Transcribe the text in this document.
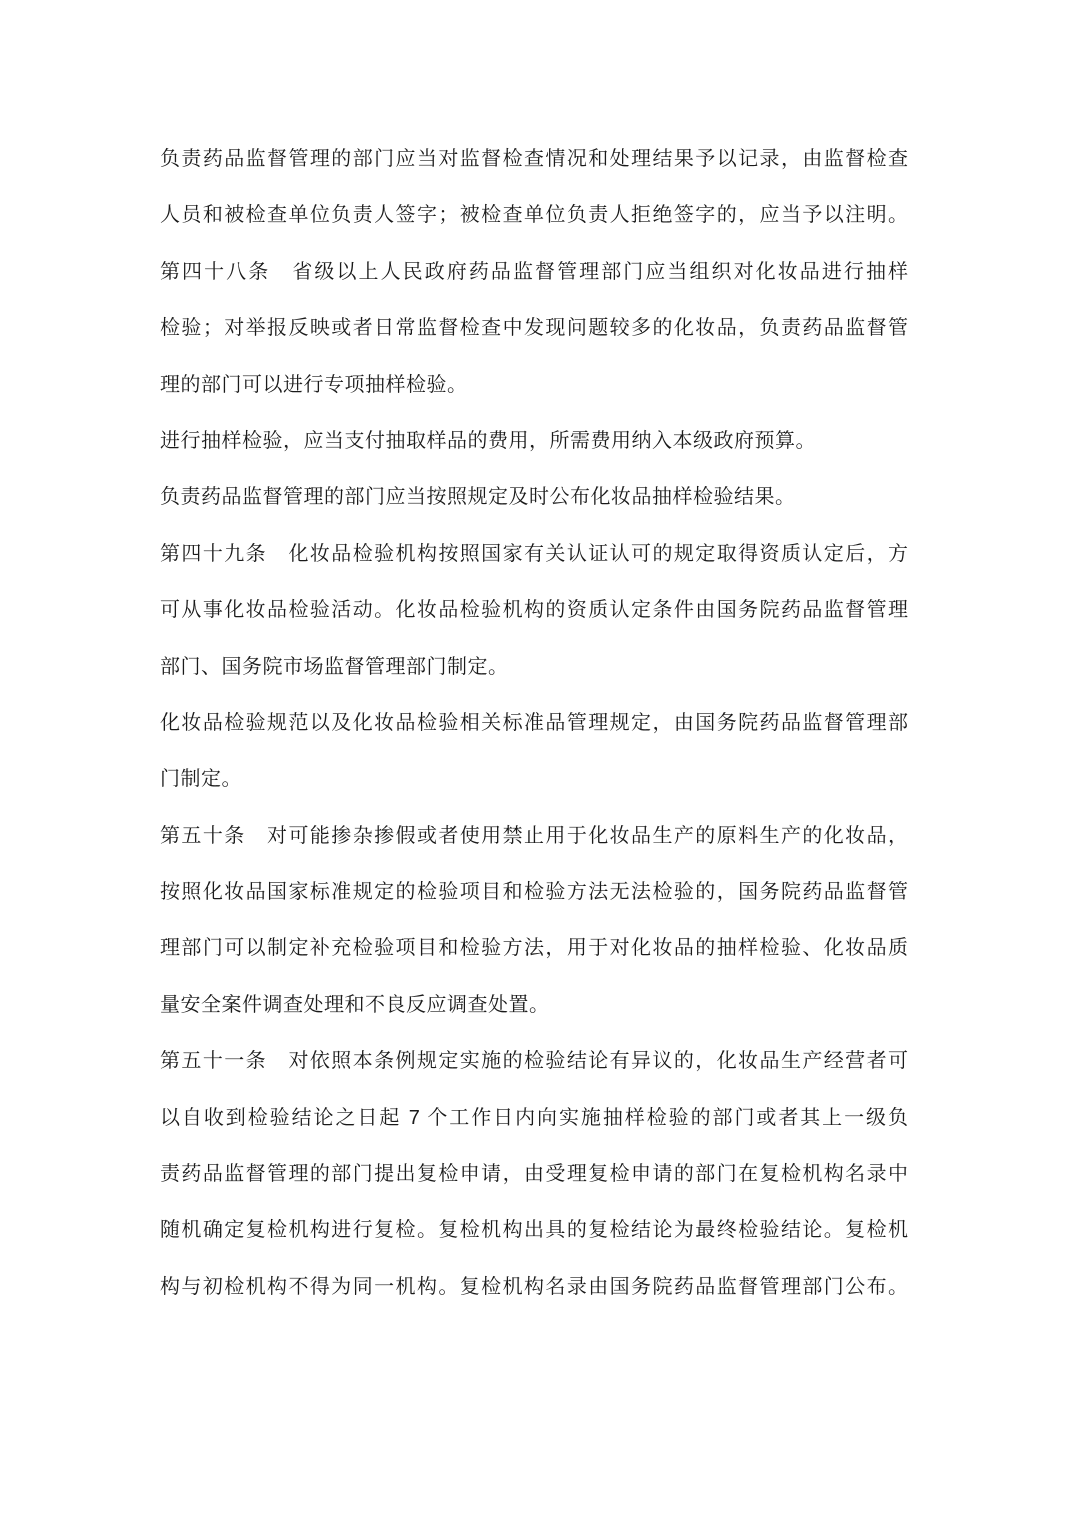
负责药品监督管理的部门应当对监督检查情况和处理结果予以记录，由监督检查
人员和被检查单位负责人签字；被检查单位负责人拒绝签字的，应当予以注明。
第四十八条　省级以上人民政府药品监督管理部门应当组织对化妆品进行抽样
检验；对举报反映或者日常监督检查中发现问题较多的化妆品，负责药品监督管
理的部门可以进行专项抽样检验。
进行抽样检验，应当支付抽取样品的费用，所需费用纳入本级政府预算。
负责药品监督管理的部门应当按照规定及时公布化妆品抽样检验结果。
第四十九条　化妆品检验机构按照国家有关认证认可的规定取得资质认定后，方
可从事化妆品检验活动。化妆品检验机构的资质认定条件由国务院药品监督管理
部门、国务院市场监督管理部门制定。
化妆品检验规范以及化妆品检验相关标准品管理规定，由国务院药品监督管理部
门制定。
第五十条　对可能掺杂掺假或者使用禁止用于化妆品生产的原料生产的化妆品，
按照化妆品国家标准规定的检验项目和检验方法无法检验的，国务院药品监督管
理部门可以制定补充检验项目和检验方法，用于对化妆品的抽样检验、化妆品质
量安全案件调查处理和不良反应调查处置。
第五十一条　对依照本条例规定实施的检验结论有异议的，化妆品生产经营者可
以自收到检验结论之日起 7 个工作日内向实施抽样检验的部门或者其上一级负
责药品监督管理的部门提出复检申请，由受理复检申请的部门在复检机构名录中
随机确定复检机构进行复检。复检机构出具的复检结论为最终检验结论。复检机
构与初检机构不得为同一机构。复检机构名录由国务院药品监督管理部门公布。
